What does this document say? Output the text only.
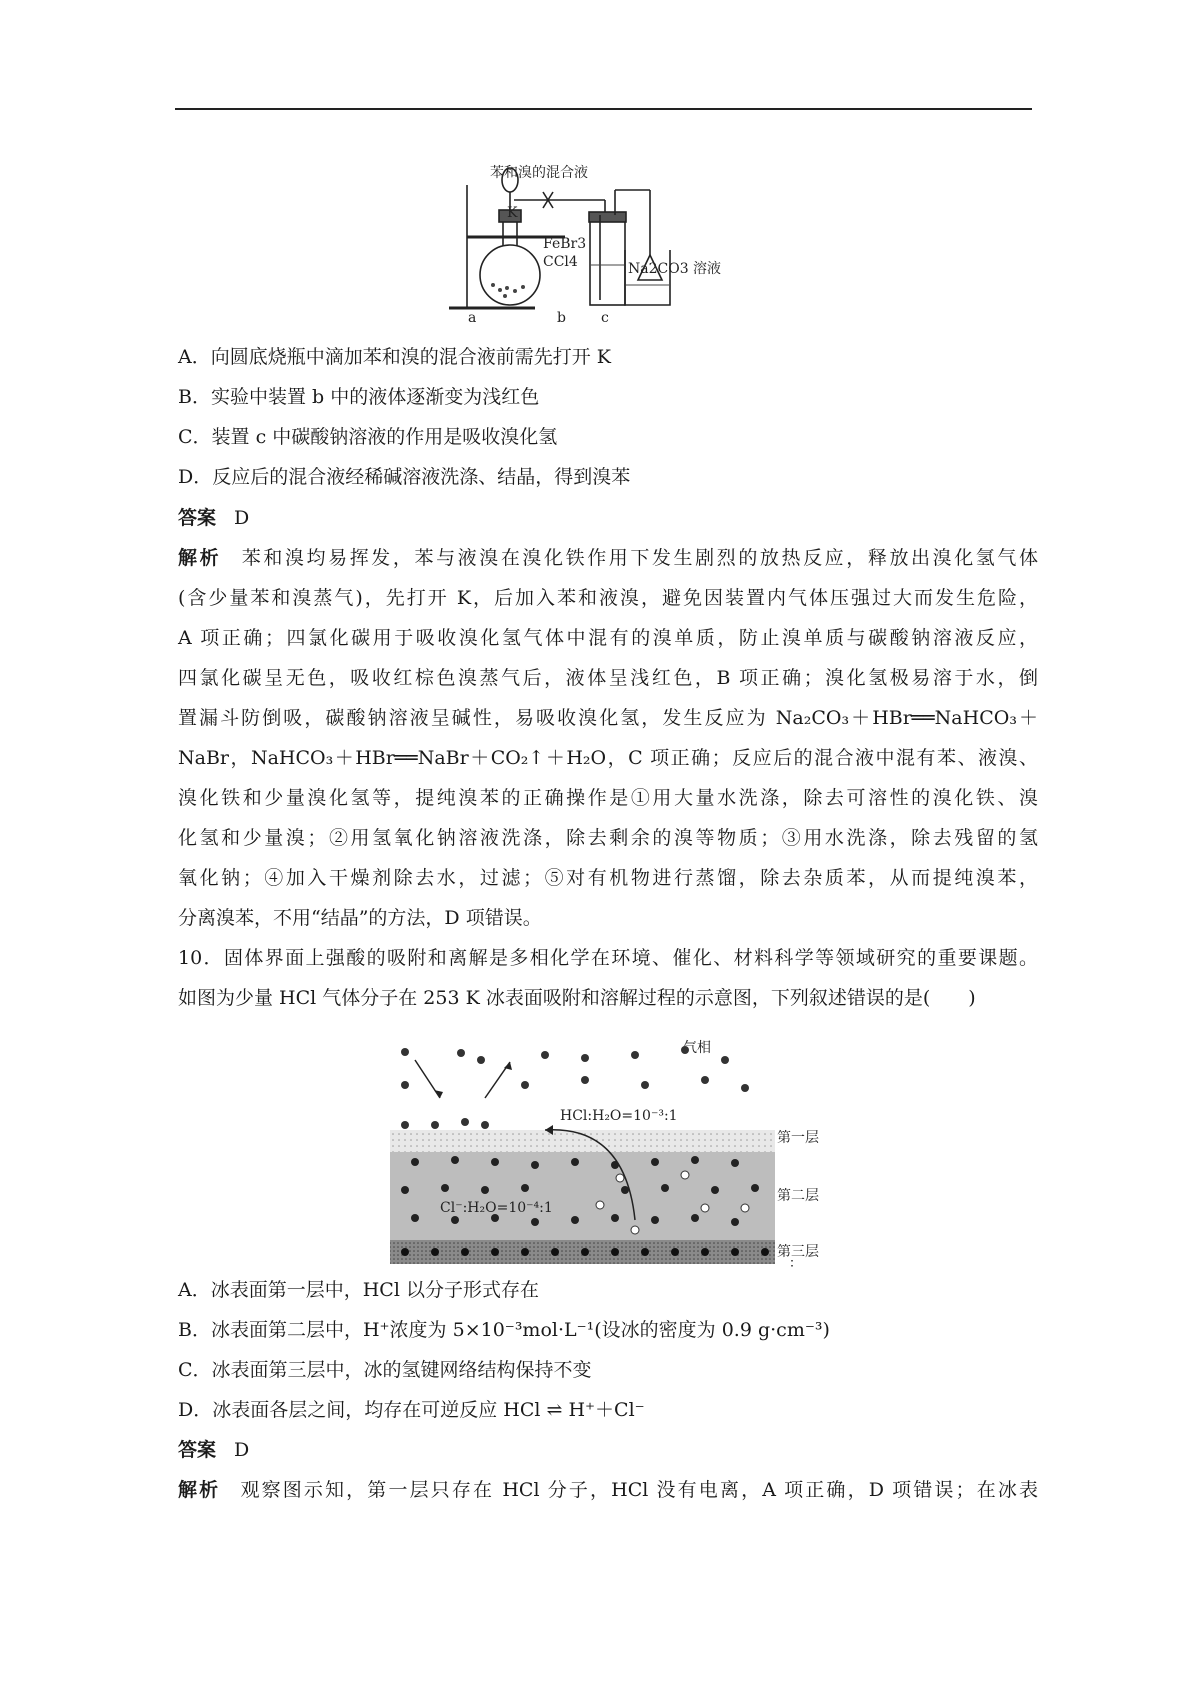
苯和溴的混合液
K
FeBr3
CCl4	Na2CO3 溶液
a	b	c
A．向圆底烧瓶中滴加苯和溴的混合液前需先打开 K
B．实验中装置 b 中的液体逐渐变为浅红色
C．装置 c 中碳酸钠溶液的作用是吸收溴化氢
D．反应后的混合液经稀碱溶液洗涤、结晶，得到溴苯
答案 D
解析 苯和溴均易挥发，苯与液溴在溴化铁作用下发生剧烈的放热反应，释放出溴化氢气体
(含少量苯和溴蒸气)，先打开 K，后加入苯和液溴，避免因装置内气体压强过大而发生危险，
A 项正确；四氯化碳用于吸收溴化氢气体中混有的溴单质，防止溴单质与碳酸钠溶液反应，
四氯化碳呈无色，吸收红棕色溴蒸气后，液体呈浅红色，B 项正确；溴化氢极易溶于水，倒
置漏斗防倒吸，碳酸钠溶液呈碱性，易吸收溴化氢，发生反应为 Na₂CO₃＋HBr══NaHCO₃＋
NaBr，NaHCO₃＋HBr══NaBr＋CO₂↑＋H₂O，C 项正确；反应后的混合液中混有苯、液溴、
溴化铁和少量溴化氢等，提纯溴苯的正确操作是①用大量水洗涤，除去可溶性的溴化铁、溴
化氢和少量溴；②用氢氧化钠溶液洗涤，除去剩余的溴等物质；③用水洗涤，除去残留的氢
氧化钠；④加入干燥剂除去水，过滤；⑤对有机物进行蒸馏，除去杂质苯，从而提纯溴苯，
分离溴苯，不用“结晶”的方法，D 项错误。
10．固体界面上强酸的吸附和离解是多相化学在环境、催化、材料科学等领域研究的重要课题。
如图为少量 HCl 气体分子在 253 K 冰表面吸附和溶解过程的示意图，下列叙述错误的是(　　)
气相
HCl:H₂O=10⁻³:1
Cl⁻:H₂O=10⁻⁴:1
第一层
第二层
第三层
⋮
A．冰表面第一层中，HCl 以分子形式存在
B．冰表面第二层中，H⁺浓度为 5×10⁻³mol·L⁻¹(设冰的密度为 0.9 g·cm⁻³)
C．冰表面第三层中，冰的氢键网络结构保持不变
D．冰表面各层之间，均存在可逆反应 HCl ⇌ H⁺＋Cl⁻
答案 D
解析 观察图示知，第一层只存在 HCl 分子，HCl 没有电离，A 项正确，D 项错误；在冰表
